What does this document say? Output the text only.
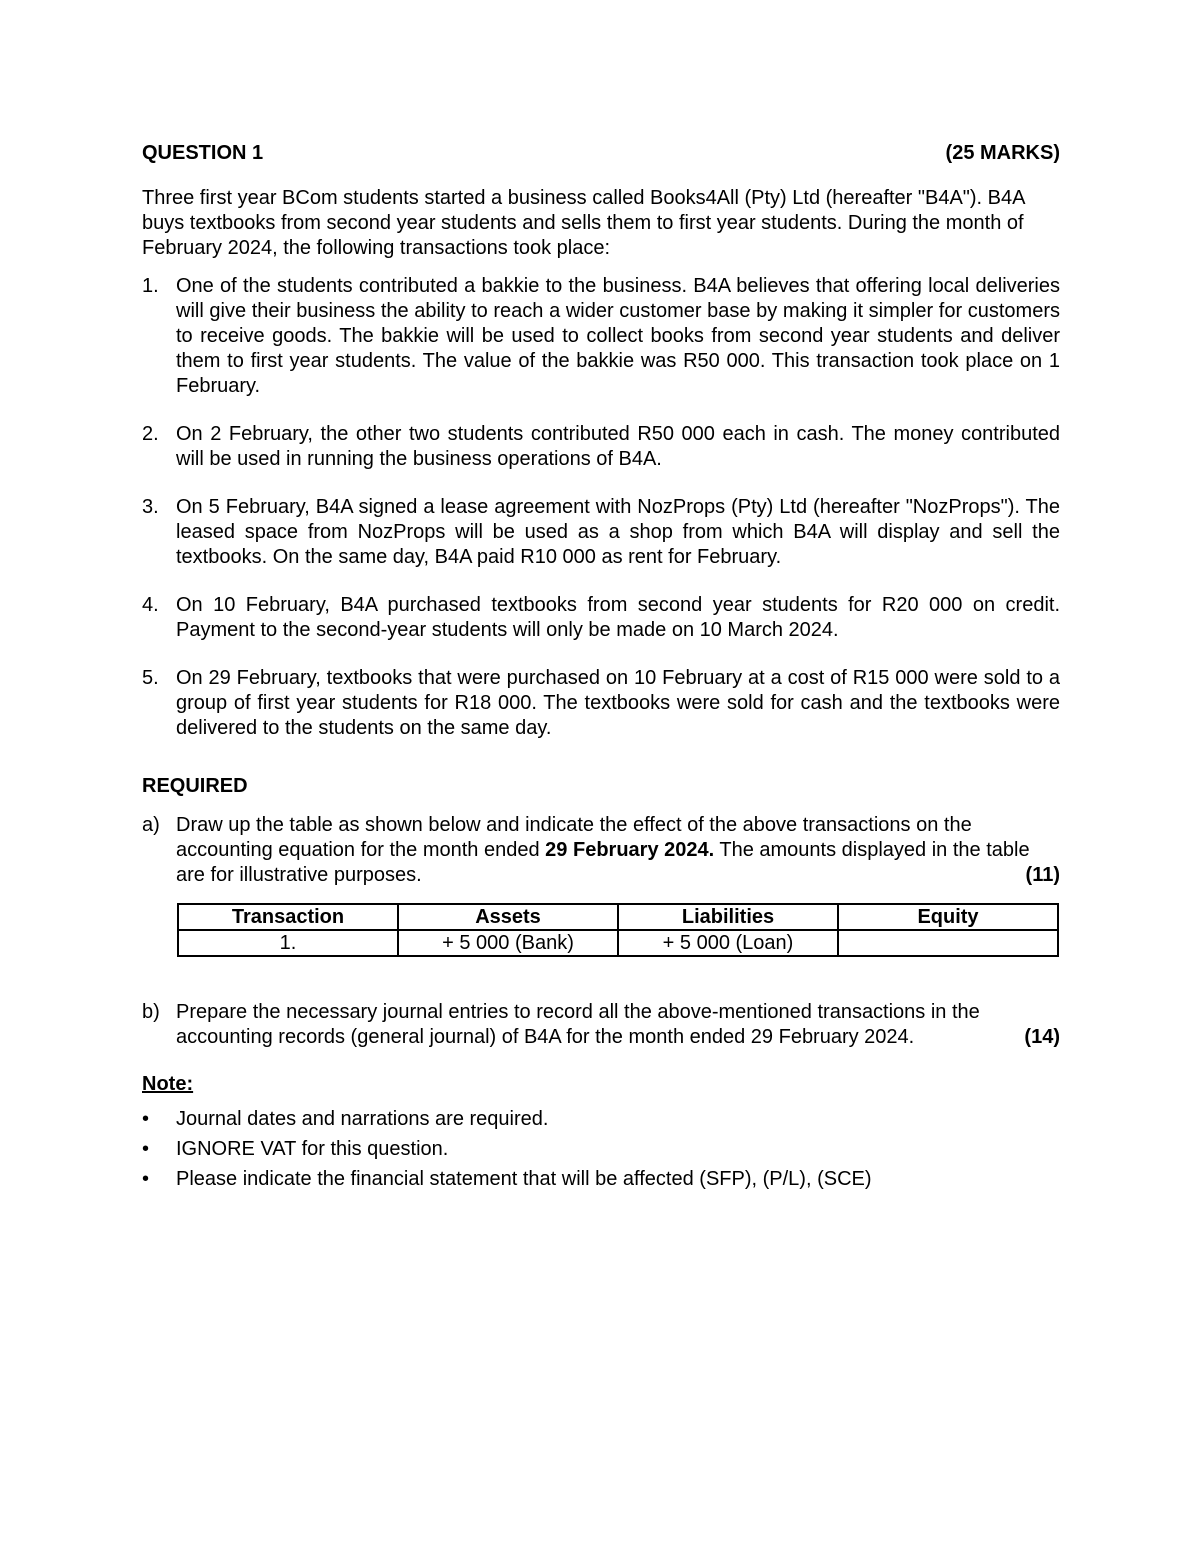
QUESTION 1	(25 MARKS)

Three first year BCom students started a business called Books4All (Pty) Ltd (hereafter "B4A"). B4A buys textbooks from second year students and sells them to first year students. During the month of February 2024, the following transactions took place:

1. One of the students contributed a bakkie to the business. B4A believes that offering local deliveries will give their business the ability to reach a wider customer base by making it simpler for customers to receive goods. The bakkie will be used to collect books from second year students and deliver them to first year students. The value of the bakkie was R50 000. This transaction took place on 1 February.
2. On 2 February, the other two students contributed R50 000 each in cash. The money contributed will be used in running the business operations of B4A.
3. On 5 February, B4A signed a lease agreement with NozProps (Pty) Ltd (hereafter "NozProps"). The leased space from NozProps will be used as a shop from which B4A will display and sell the textbooks. On the same day, B4A paid R10 000 as rent for February.
4. On 10 February, B4A purchased textbooks from second year students for R20 000 on credit. Payment to the second-year students will only be made on 10 March 2024.
5. On 29 February, textbooks that were purchased on 10 February at a cost of R15 000 were sold to a group of first year students for R18 000. The textbooks were sold for cash and the textbooks were delivered to the students on the same day.

REQUIRED

a) Draw up the table as shown below and indicate the effect of the above transactions on the accounting equation for the month ended 29 February 2024. The amounts displayed in the table are for illustrative purposes.	(11)
Transaction	Assets	Liabilities	Equity
1.	+ 5 000 (Bank)	+ 5 000 (Loan)	
b) Prepare the necessary journal entries to record all the above-mentioned transactions in the accounting records (general journal) of B4A for the month ended 29 February 2024.	(14)

Note:

• Journal dates and narrations are required.
• IGNORE VAT for this question.
• Please indicate the financial statement that will be affected (SFP), (P/L), (SCE)
